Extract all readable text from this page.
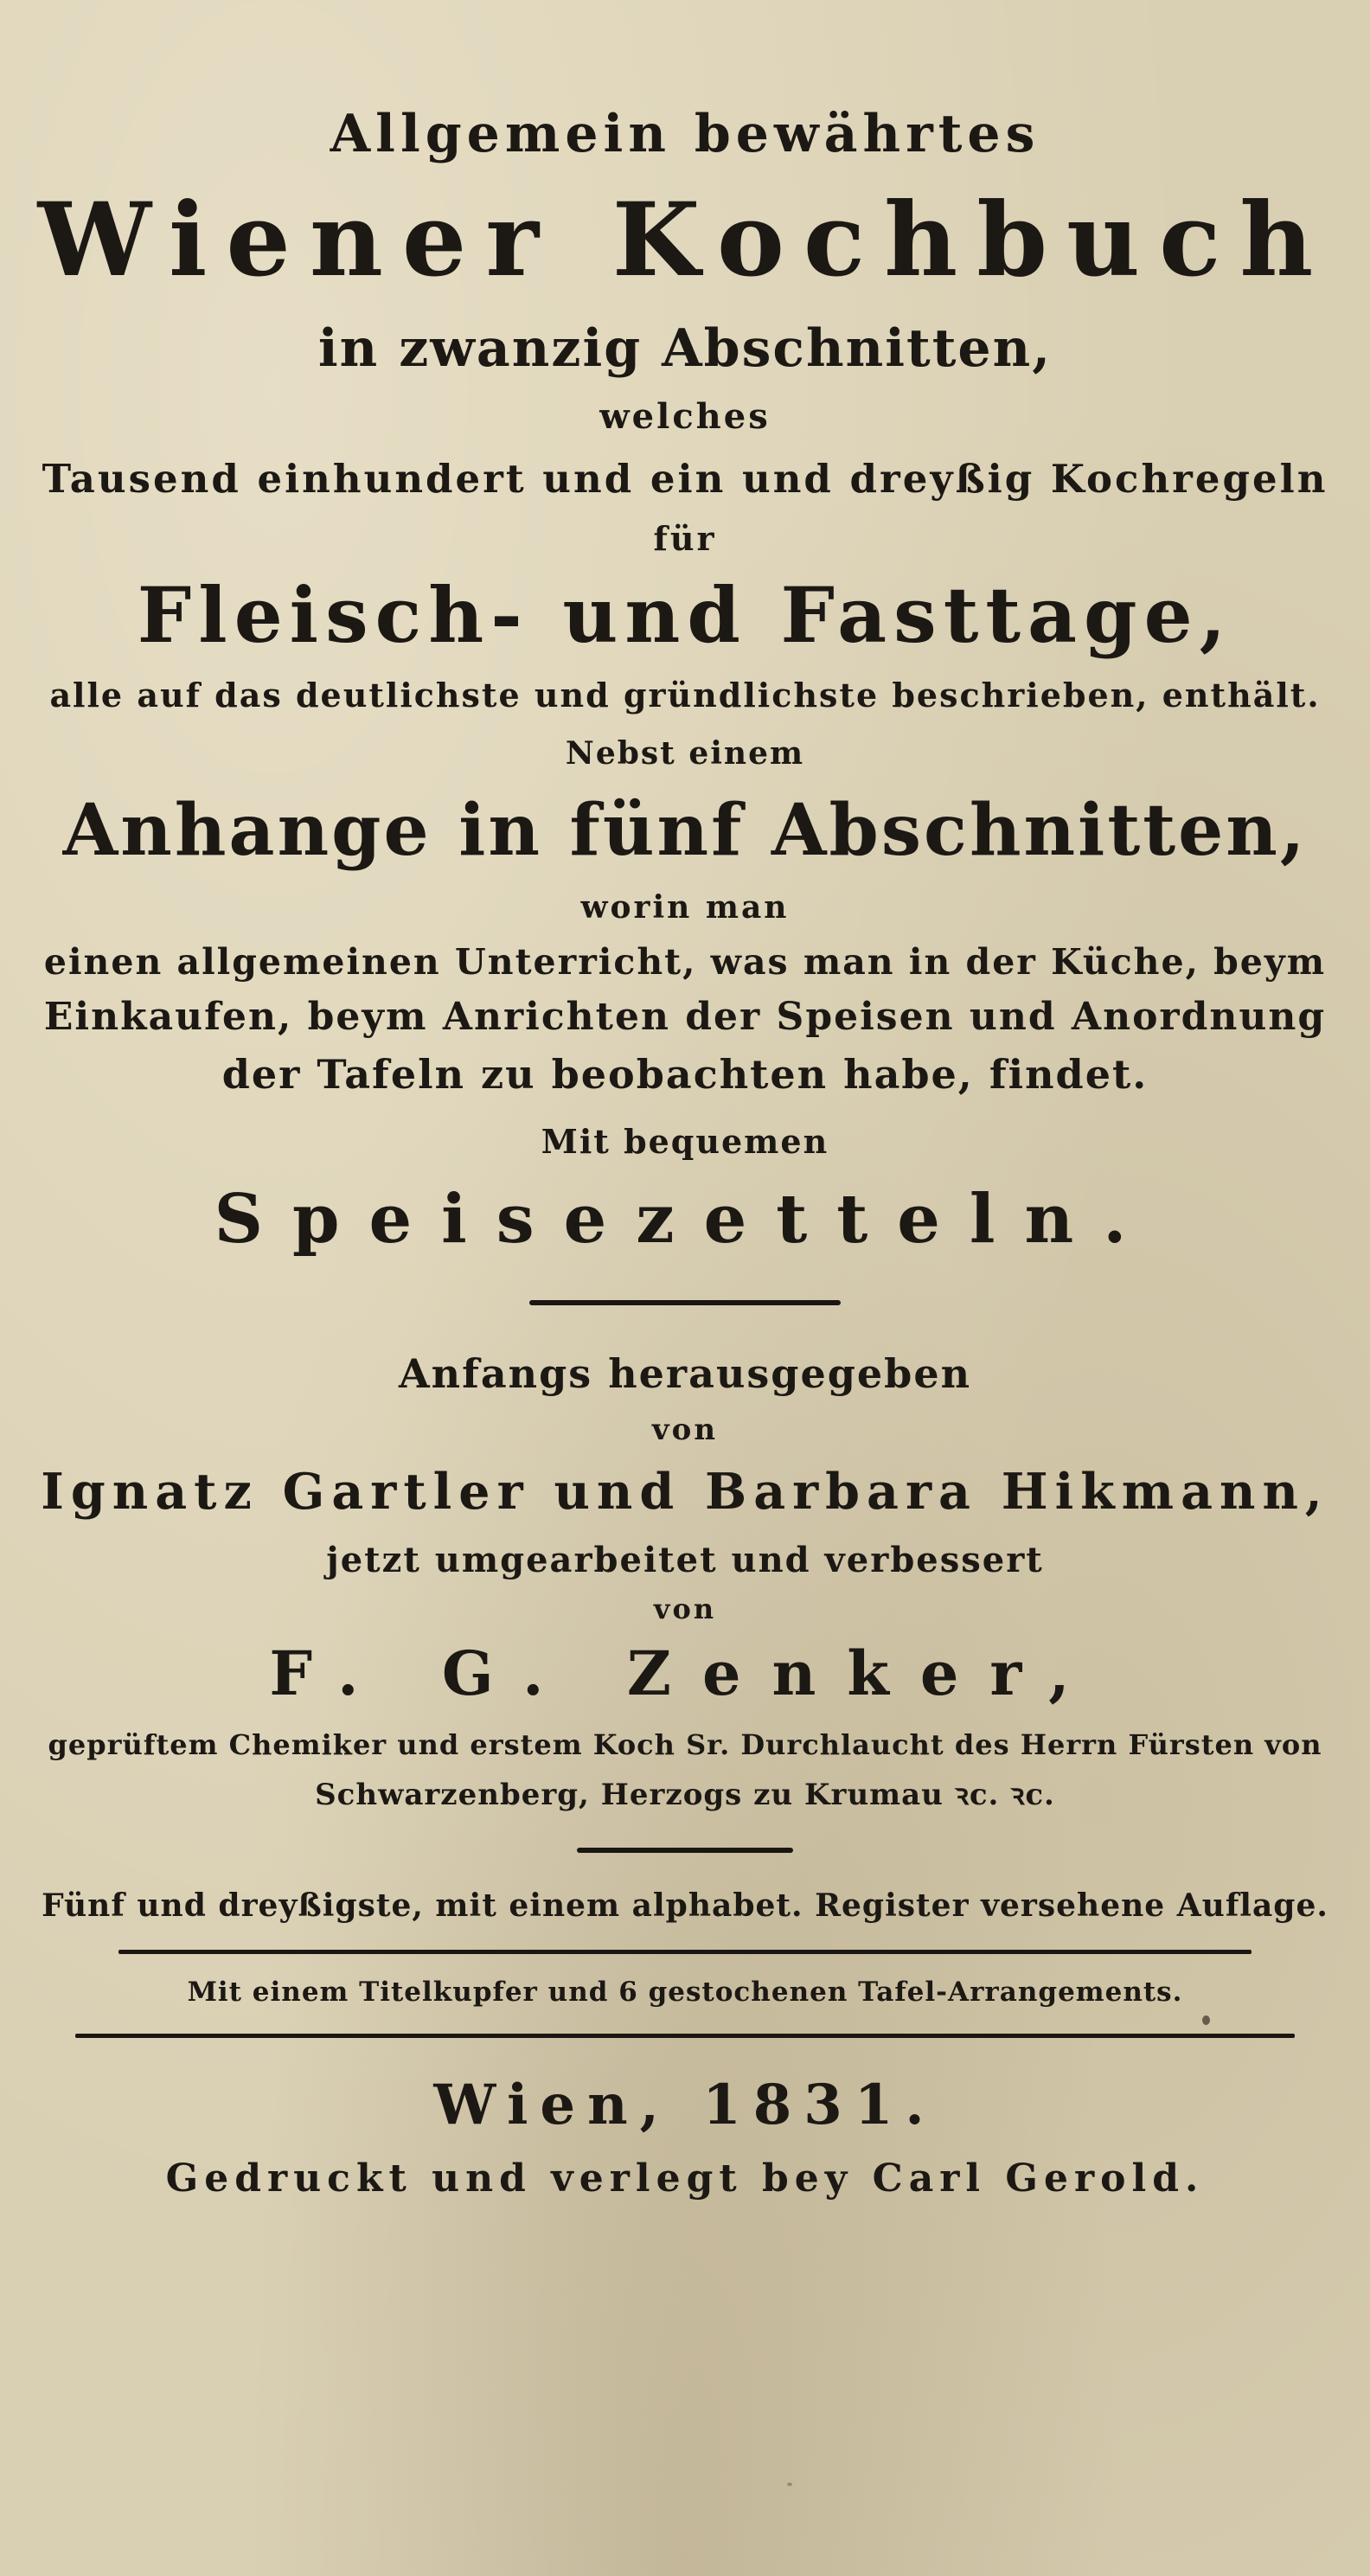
Allgemein bewährtes
Wiener Kochbuch
in zwanzig Abschnitten,
welches
Tausend einhundert und ein und dreyßig Kochregeln
für
Fleisch- und Fasttage,
alle auf das deutlichste und gründlichste beschrieben, enthält.
Nebst einem
Anhange in fünf Abschnitten,
worin man
einen allgemeinen Unterricht, was man in der Küche, beym
Einkaufen, beym Anrichten der Speisen und Anordnung
der Tafeln zu beobachten habe, findet.
Mit bequemen
Speisezetteln.
Anfangs herausgegeben
von
Ignatz Gartler und Barbara Hikmann,
jetzt umgearbeitet und verbessert
von
F. G. Zenker,
geprüftem Chemiker und erstem Koch Sr. Durchlaucht des Herrn Fürsten von
Schwarzenberg, Herzogs zu Krumau ꝛc. ꝛc.
Fünf und dreyßigste, mit einem alphabet. Register versehene Auflage.
Mit einem Titelkupfer und 6 gestochenen Tafel-Arrangements.
Wien, 1831.
Gedruckt und verlegt bey Carl Gerold.
